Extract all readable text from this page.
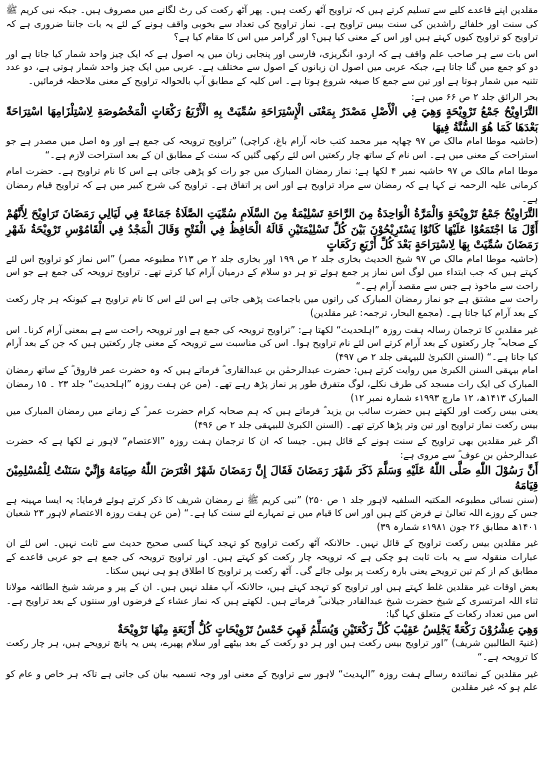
مقلدین اپنے قاعدے کلیے سے تسلیم کرتے ہیں کہ تراویح آٹھ رکعت ہیں۔ پھر آٹھ رکعت کی رٹ لگانے میں مصروف ہیں۔ جبکہ نبی کریم ﷺ کی سنت اور خلفائے راشدین کی سنت بیس تراویح ہے۔ نماز تراویح کی تعداد سے بخوبی واقف ہونے کے لئے یہ بات جاننا ضروری ہے کہ تراویح کو تراویح کیوں کہتے ہیں اور اس کے معنی کیا ہیں؟ اور گرامر میں اس کا مقام کیا ہے؟

اس بات سے ہر صاحب علم واقف ہے کہ اردو، انگریزی، فارسی اور پنجابی زبان میں یہ اصول ہے کہ ایک چیز واحد شمار کیا جاتا ہے اور دو کو جمع میں گنا جاتا ہے، جبکہ عربی میں اصول ان زبانوں کے اصول سے مختلف ہے۔ عربی میں ایک چیز واحد شمار ہوتی ہے، دو عدد تثنیہ میں شمار ہوتا ہے اور تین سے جمع کا صیغہ شروع ہوتا ہے۔ اس کلیہ کے مطابق آپ بالحوالہ تراویح کے معنی ملاحظہ فرمائیں۔

بحر الرائق جلد ۲ ص ۶۶ میں ہے:

التَّرَاوِيْحُ جَمْعُ تَرْوِيْحَةٍ وَهِيَ فِي الْأَصْلِ مَصْدَرٌ بِمَعْنَى الْإِسْتِرَاحَةِ سُمِّيَتْ بِهِ الْأَرْبَعُ رَكْعَاتٍ الْمَخْصُوصَةِ لِاسْتِلْزَامِهَا اسْتِرَاحَةً بَعْدَهَا كَمَا هُوَ السُّنَّةُ فِيهَا

(حاشیہ موطا امام مالک ص ۹۷ چھاپہ میر محمد کتب خانہ آرام باغ، کراچی) ”تراویح ترویحہ کی جمع ہے اور وہ اصل میں مصدر ہے جو استراحت کے معنی میں ہے۔ اس نام کے ساتھ چار رکعتیں اس لئے رکھی گئیں کہ سنت کے مطابق ان کے بعد استراحت لازم ہے۔“

موطا امام مالک ص ۹۷ حاشیہ نمبر ۴ لکھا ہے: نماز رمضان المبارک میں جو رات کو پڑھی جاتی ہے اس کا نام تراویح ہے۔ حضرت امام کرمانی علیہ الرحمہ نے کہا ہے کہ رمضان سے مراد تراویح ہے اور اس پر اتفاق ہے۔ تراویح کی شرح کبیر میں ہے کہ تراویح قیام رمضان ہے۔

التَّرَاوِيْحُ جَمْعُ تَرْوِيْحَةٍ وَالْمَرَّةُ الْوَاحِدَةُ مِنَ الرَّاحَةِ تَسْلِيْمَةٌ مِنَ السَّلَامِ سُمِّيَتِ الصَّلَاةُ جَمَاعَةً فِي لَيَالِي رَمَضَانَ تَرَاوِيْحَ لِأَنَّهُمْ أَوَّلَ مَا اجْتَمَعُوْا عَلَيْهَا كَانُوْا يَسْتَرِيْحُوْنَ بَيْنَ كُلِّ تَسْلِيْمَتَيْنِ قَالَهُ الْحَافِظُ فِي الْفَتْحِ وَقَالَ الْمَجْدُ فِي الْقَامُوْسِ تَرْوِيْحَةُ شَهْرِ رَمَضَانَ سُمِّيَتْ بِهَا لِاسْتِرَاحَةٍ بَعْدَ كُلِّ أَرْبَعِ رَكَعَاتٍ

(حاشیہ موطا امام مالک ص ۹۷ شیخ الحدیث بخاری جلد ۲ ص ۱۹۹ اور بخاری جلد ۲ ص ۲۱۳ مطبوعہ مصر) ”اس نماز کو تراویح اس لئے کہتے ہیں کہ جب ابتداء میں لوگ اس نماز پر جمع ہوئے تو ہر دو سلام کے درمیان آرام کیا کرتے تھے۔ تراویح ترویحہ کی جمع ہے جو اس راحت سے ماخوذ ہے جس سے مقصد آرام ہے۔“

راحت سے مشتق ہے جو نماز رمضان المبارک کی راتوں میں باجماعت پڑھی جاتی ہے اس لئے اس کا نام تراویح ہے کیونکہ ہر چار رکعت کے بعد آرام کیا جاتا ہے۔ (مجمع البحار، ترجمہ: غیر مقلدین)

غیر مقلدین کا ترجمان رسالہ ہفت روزہ ”اہلحدیث“ لکھتا ہے: ”تراویح ترویحہ کی جمع ہے اور ترویحہ راحت سے ہے بمعنی آرام کرنا۔ اس کے صحابہ ؓ چار رکعتوں کے بعد آرام کرتے اس لئے نام تراویح ہوا۔ اس کی مناسبت سے ترویحہ کے معنی چار رکعتیں ہیں کہ جن کے بعد آرام کیا جاتا ہے۔“ (السنن الکبریٰ للبیہقی جلد ۲ ص ۴۹۷)

امام بیہقی السنن الکبریٰ میں روایت کرتے ہیں: حضرت عبدالرحمٰن بن عبدالقاری ؓ فرماتے ہیں کہ وہ حضرت عمر فاروق ؓ کے ساتھ رمضان المبارک کی ایک رات مسجد کی طرف نکلے، لوگ متفرق طور پر نماز پڑھ رہے تھے۔ (من عن ہفت روزہ ”اہلحدیث“ جلد ۲۳ ۔ ۱۵ رمضان المبارک ۱۴۱۳ھ، ۱۲ مارچ ۱۹۹۳ء شمارہ نمبر ۱۲)

یعنی بیس رکعت اور لکھتے ہیں حضرت سائب بن یزید ؓ فرماتے ہیں کہ ہم صحابہ کرام حضرت عمر ؓ کے زمانے میں رمضان المبارک میں بیس رکعت نماز تراویح اور تین وتر پڑھا کرتے تھے۔ (السنن الکبریٰ للبیہقی جلد ۲ ص ۴۹۶)

اگر غیر مقلدین بھی تراویح کے سنت ہونے کے قائل ہیں۔ جیسا کہ ان کا ترجمان ہفت روزہ ”الاعتصام“ لاہور نے لکھا ہے کہ حضرت عبدالرحمٰن بن عوف ؓ سے مروی ہے:

أَنَّ رَسُوْلَ اللّٰهِ صَلَّى اللّٰهُ عَلَيْهِ وَسَلَّمَ ذَكَرَ شَهْرَ رَمَضَانَ فَقَالَ إِنَّ رَمَضَانَ شَهْرٌ افْتَرَضَ اللّٰهُ صِيَامَهُ وَإِنِّيْ سَنَنْتُ لِلْمُسْلِمِيْنَ قِيَامَهُ

(سنن نسائی مطبوعہ المکتبہ السلفیہ لاہور جلد ۱ ص ۲۵۰) ”نبی کریم ﷺ نے رمضان شریف کا ذکر کرتے ہوئے فرمایا: یہ ایسا مہینہ ہے جس کے روزے اللہ تعالیٰ نے فرض کئے ہیں اور اس کا قیام میں نے تمہارے لئے سنت کیا ہے۔“ (من عن ہفت روزہ الاعتصام لاہور ۲۳ شعبان ۱۴۰۱ھ مطابق ۲۶ جون ۱۹۸۱ء شمارہ ۳۹)

غیر مقلدین بیس رکعت تراویح کے قائل نہیں۔ حالانکہ آٹھ رکعت تراویح کو تہجد کہنا کسی صحیح حدیث سے ثابت نہیں۔ اس لئے ان عبارات منقولہ سے یہ بات ثابت ہو چکی ہے کہ ترویحہ چار رکعت کو کہتے ہیں۔ اور تراویح ترویحہ کی جمع ہے جو عربی قاعدے کے مطابق کم از کم تین ترویحے یعنی بارہ رکعت پر بولی جائے گی۔ آٹھ رکعت پر تراویح کا اطلاق ہو ہی نہیں سکتا۔

بعض اوقات غیر مقلدین غلط کہتے ہیں اور تراویح کو تہجد کہتے ہیں، حالانکہ آپ مقلد نہیں ہیں۔ ان کے پیر و مرشد شیخ الطائفہ مولانا ثناء اللہ امرتسری کے شیخ حضرت شیخ عبدالقادر جیلانی ؓ فرماتے ہیں۔ لکھتے ہیں کہ نماز عشاء کے فرضوں اور سنتوں کے بعد تراویح ہے۔ اس میں تعداد رکعات کے متعلق کہا گیا:

وَهِيَ عِشْرُوْنَ رَكْعَةً يَجْلِسُ عَقِيْبَ كُلِّ رَكْعَتَيْنِ وَيُسَلِّمُ فَهِيَ خَمْسُ تَرْوِيْحَاتٍ كُلُّ أَرْبَعَةٍ مِنْهَا تَرْوِيْحَةٌ

(غنیۃ الطالبین شریف) ”اور تراویح بیس رکعت ہیں اور ہر دو رکعت کے بعد بیٹھے اور سلام پھیرے، پس یہ پانچ ترویحے ہیں، ہر چار رکعت کا ترویحہ ہے۔“

غیر مقلدین کے نمائندہ رسالے ہفت روزہ ”الہدیث“ لاہور سے تراویح کے معنی اور وجہ تسمیہ بیان کی جاتی ہے تاکہ ہر خاص و عام کو علم ہو کہ غیر مقلدین
